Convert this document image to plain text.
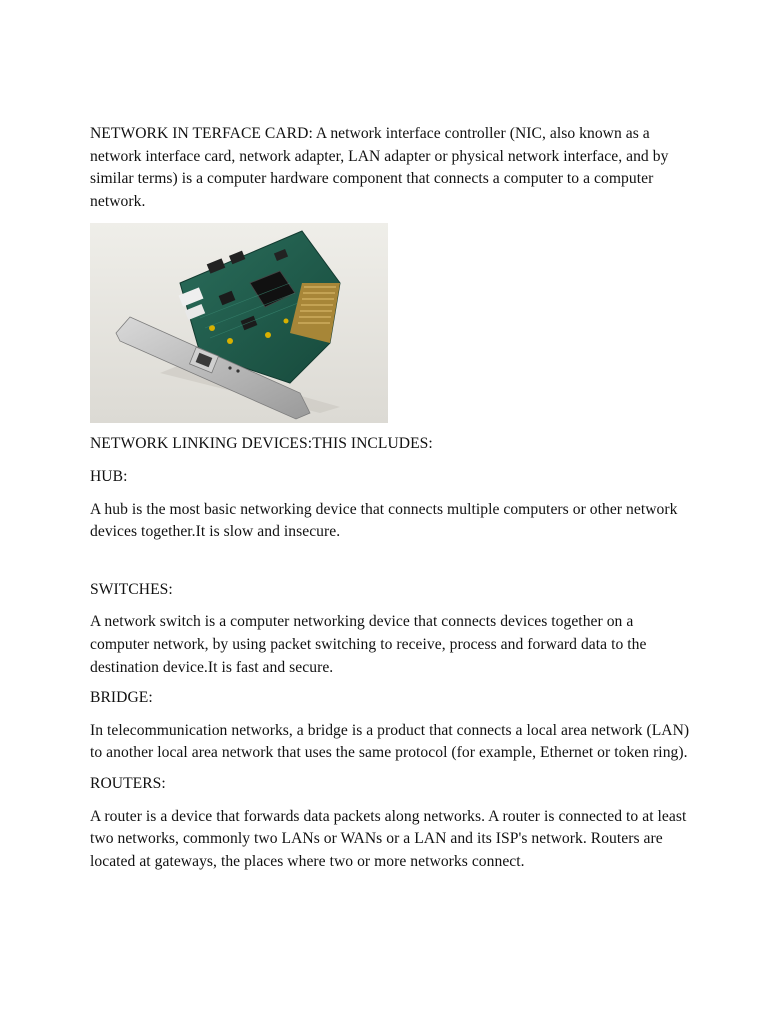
NETWORK IN TERFACE CARD: A network interface controller (NIC, also known as a network interface card, network adapter, LAN adapter or physical network interface, and by similar terms) is a computer hardware component that connects a computer to a computer network.

NETWORK LINKING DEVICES:THIS INCLUDES:

HUB:

A hub is the most basic networking device that connects multiple computers or other network devices together.It is slow and insecure.

SWITCHES:

A network switch is a computer networking device that connects devices together on a computer network, by using packet switching to receive, process and forward data to the destination device.It is fast and secure.

BRIDGE:

In telecommunication networks, a bridge is a product that connects a local area network (LAN) to another local area network that uses the same protocol (for example, Ethernet or token ring).

ROUTERS:

A router is a device that forwards data packets along networks. A router is connected to at least two networks, commonly two LANs or WANs or a LAN and its ISP's network. Routers are located at gateways, the places where two or more networks connect.
